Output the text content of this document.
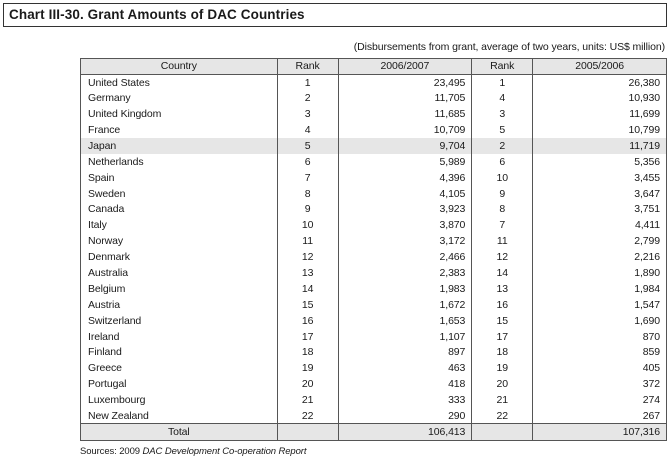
Chart III-30. Grant Amounts of DAC Countries
(Disbursements from grant, average of two years, units: US$ million)
Country	Rank	2006/2007	Rank	2005/2006
United States	1	23,495	1	26,380
Germany	2	11,705	4	10,930
United Kingdom	3	11,685	3	11,699
France	4	10,709	5	10,799
Japan	5	9,704	2	11,719
Netherlands	6	5,989	6	5,356
Spain	7	4,396	10	3,455
Sweden	8	4,105	9	3,647
Canada	9	3,923	8	3,751
Italy	10	3,870	7	4,411
Norway	11	3,172	11	2,799
Denmark	12	2,466	12	2,216
Australia	13	2,383	14	1,890
Belgium	14	1,983	13	1,984
Austria	15	1,672	16	1,547
Switzerland	16	1,653	15	1,690
Ireland	17	1,107	17	870
Finland	18	897	18	859
Greece	19	463	19	405
Portugal	20	418	20	372
Luxembourg	21	333	21	274
New Zealand	22	290	22	267
Total		106,413		107,316
Sources: 2009 DAC Development Co-operation Report
